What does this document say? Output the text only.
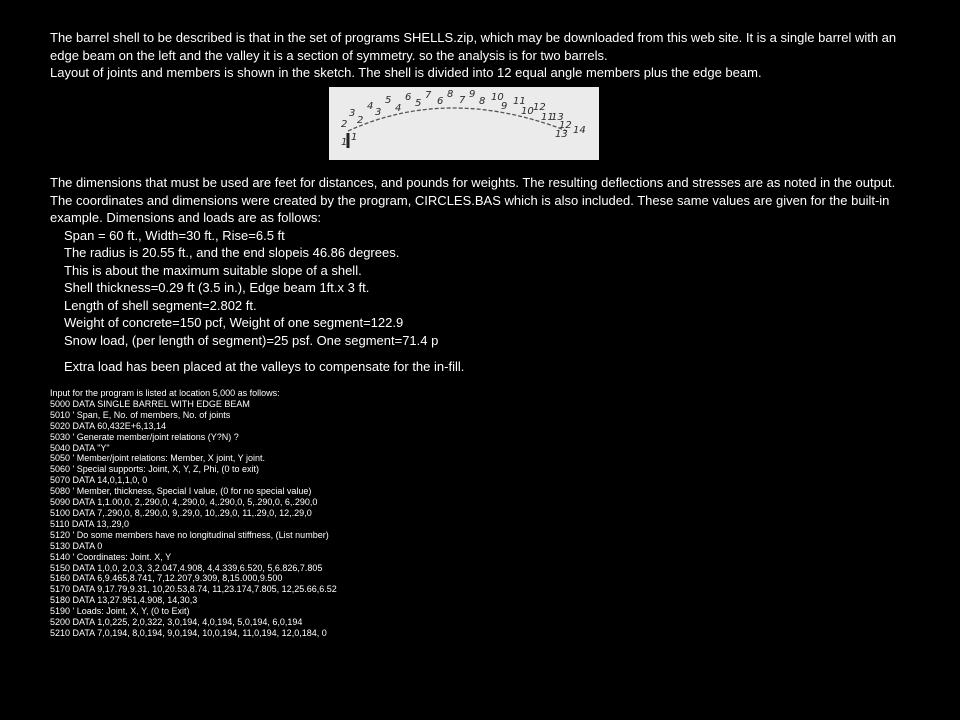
The barrel shell to be described is that in the set of programs SHELLS.zip, which may be downloaded from this web site. It is a single barrel with an edge beam on the left and the valley it is a section of symmetry. so the analysis is for two barrels.

Layout of joints and members is shown in the sketch. The shell is divided into 12 equal angle members plus the edge beam.

1
2
3
4
5 6 7 8 9 10 11
12
13
14
1
2
3 4 5 6 7 8 9 10
11
12
13

The dimensions that must be used are feet for distances, and pounds for weights. The resulting deflections and stresses are as noted in the output. The coordinates and dimensions were created by the program, CIRCLES.BAS which is also included. These same values are given for the built-in example. Dimensions and loads are as follows:

Span = 60 ft., Width=30 ft., Rise=6.5 ft
The radius is 20.55 ft., and the end slopeis 46.86 degrees.
This is about the maximum suitable slope of a shell.
Shell thickness=0.29 ft (3.5 in.), Edge beam 1ft.x 3 ft.
Length of shell segment=2.802 ft.
Weight of concrete=150 pcf, Weight of one segment=122.9
Snow load, (per length of segment)=25 psf. One segment=71.4 p

Extra load has been placed at the valleys to compensate for the in-fill.

Input for the program is listed at location 5,000 as follows:

5000 DATA SINGLE BARREL WITH EDGE BEAM
5010 ' Span, E, No. of members, No. of joints
5020 DATA 60,432E+6,13,14
5030 ' Generate member/joint relations (Y?N) ?
5040 DATA "Y"
5050 ' Member/joint relations: Member, X joint, Y joint.
5060 ' Special supports: Joint, X, Y, Z, Phi, (0 to exit)
5070 DATA 14,0,1,1,0, 0
5080 ' Member, thickness, Special I value, (0 for no special value)
5090 DATA 1,1.00,0, 2,.290,0, 4,.290,0, 4,.290,0, 5,.290,0, 6,.290,0
5100 DATA 7,.290,0, 8,.290,0, 9,.29,0, 10,.29,0, 11,.29,0, 12,.29,0
5110 DATA 13,.29,0
5120 ' Do some members have no longitudinal stiffness, (List number)
5130 DATA 0
5140 ' Coordinates: Joint. X, Y
5150 DATA 1,0,0, 2,0,3, 3,2.047,4.908, 4,4.339,6.520, 5,6.826,7.805
5160 DATA 6,9.465,8.741, 7,12.207,9.309, 8,15.000,9.500
5170 DATA 9,17.79,9.31, 10,20.53,8.74, 11,23.174,7.805, 12,25.66,6.52
5180 DATA 13,27.951,4.908, 14,30,3
5190 ' Loads: Joint, X, Y, (0 to Exit)
5200 DATA 1,0,225, 2,0,322, 3,0,194, 4,0,194, 5,0,194, 6,0,194
5210 DATA 7,0,194, 8,0,194, 9,0,194, 10,0,194, 11,0,194, 12,0,184, 0
